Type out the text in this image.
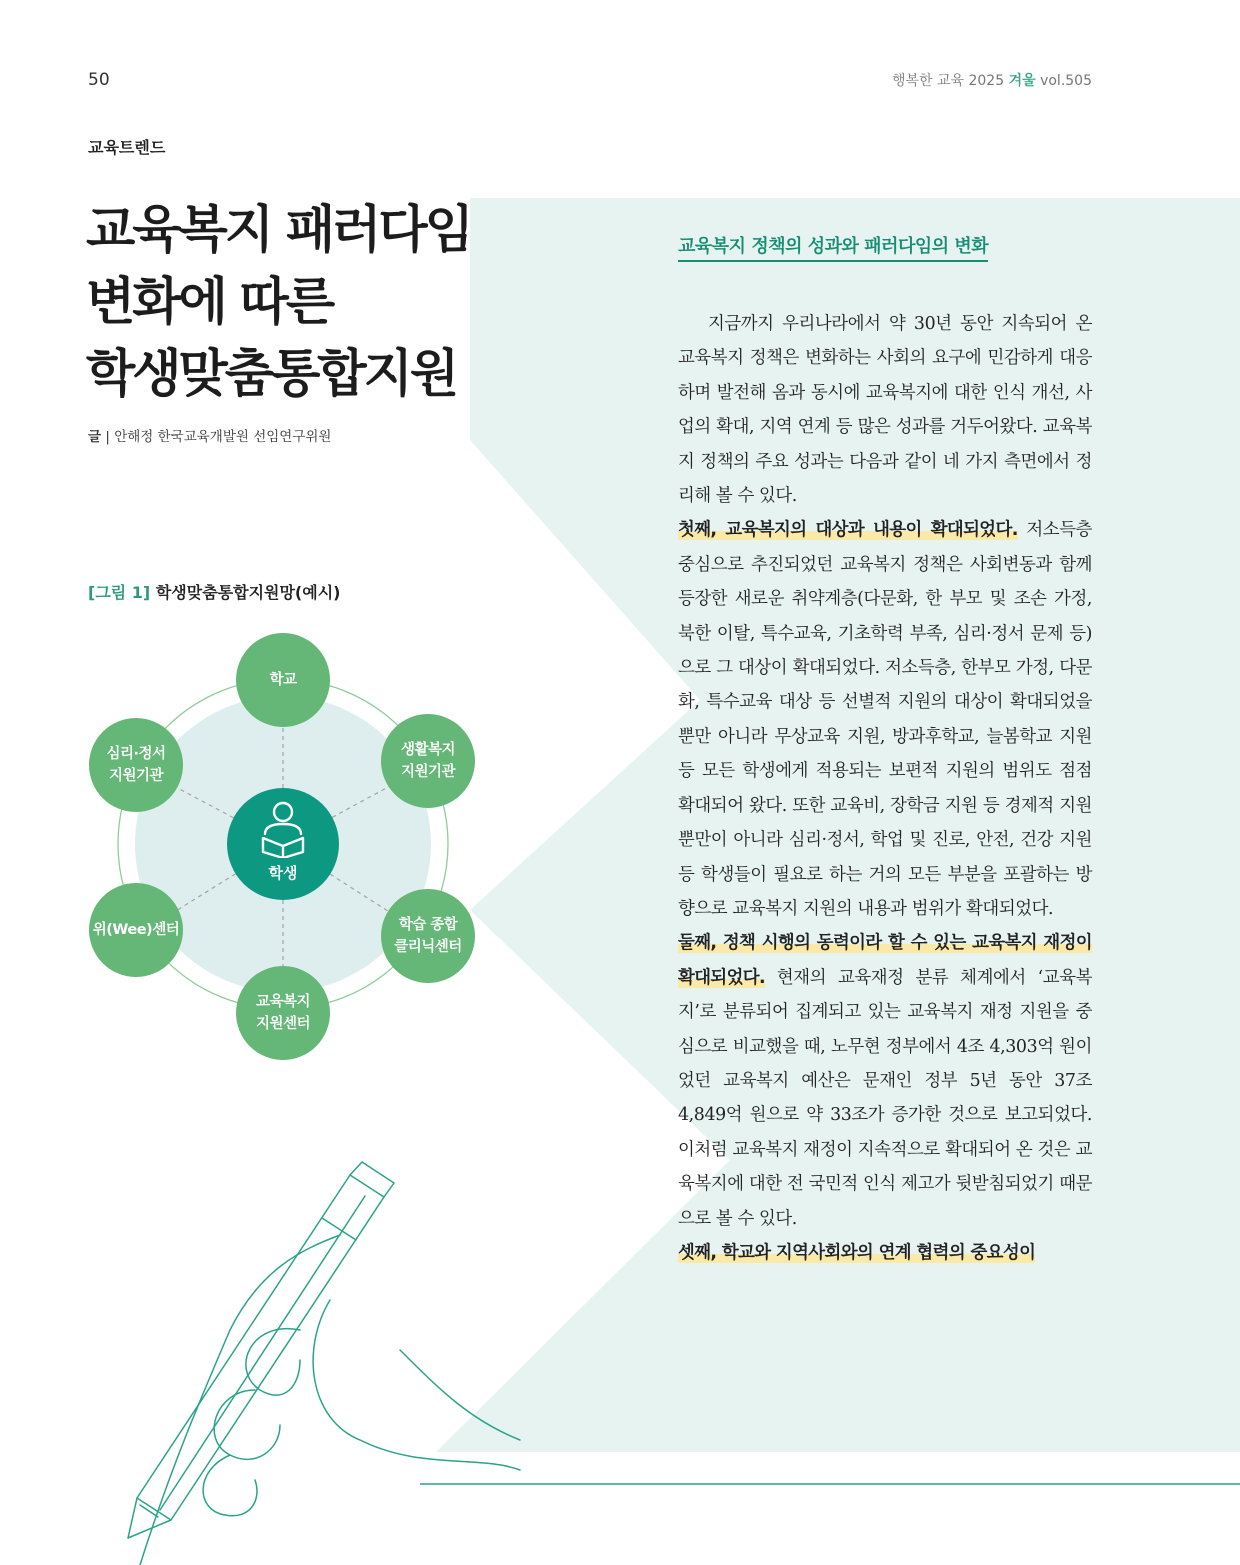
50	행복한 교육 2025 겨울 vol.505
교육트렌드
교육복지 패러다임
변화에 따른
학생맞춤통합지원
글 | 안해정 한국교육개발원 선임연구위원
[그림 1] 학생맞춤통합지원망(예시)
학교
생활복지
지원기관
학습 종합
클리닉센터
교육복지
지원센터
위(Wee)센터
심리·정서
지원기관
학생
교육복지 정책의 성과와 패러다임의 변화

지금까지 우리나라에서 약 30년 동안 지속되어 온 교육복지 정책은 변화하는 사회의 요구에 민감하게 대응하며 발전해 옴과 동시에 교육복지에 대한 인식 개선, 사업의 확대, 지역 연계 등 많은 성과를 거두어왔다. 교육복지 정책의 주요 성과는 다음과 같이 네 가지 측면에서 정리해 볼 수 있다.

첫째, 교육복지의 대상과 내용이 확대되었다. 저소득층 중심으로 추진되었던 교육복지 정책은 사회변동과 함께 등장한 새로운 취약계층(다문화, 한 부모 및 조손 가정, 북한 이탈, 특수교육, 기초학력 부족, 심리·정서 문제 등)으로 그 대상이 확대되었다. 저소득층, 한부모 가정, 다문화, 특수교육 대상 등 선별적 지원의 대상이 확대되었을 뿐만 아니라 무상교육 지원, 방과후학교, 늘봄학교 지원 등 모든 학생에게 적용되는 보편적 지원의 범위도 점점 확대되어 왔다. 또한 교육비, 장학금 지원 등 경제적 지원뿐만이 아니라 심리·정서, 학업 및 진로, 안전, 건강 지원 등 학생들이 필요로 하는 거의 모든 부분을 포괄하는 방향으로 교육복지 지원의 내용과 범위가 확대되었다.

둘째, 정책 시행의 동력이라 할 수 있는 교육복지 재정이 확대되었다. 현재의 교육재정 분류 체계에서 ‘교육복지’로 분류되어 집계되고 있는 교육복지 재정 지원을 중심으로 비교했을 때, 노무현 정부에서 4조 4,303억 원이었던 교육복지 예산은 문재인 정부 5년 동안 37조 4,849억 원으로 약 33조가 증가한 것으로 보고되었다. 이처럼 교육복지 재정이 지속적으로 확대되어 온 것은 교육복지에 대한 전 국민적 인식 제고가 뒷받침되었기 때문으로 볼 수 있다.

셋째, 학교와 지역사회와의 연계 협력의 중요성이
